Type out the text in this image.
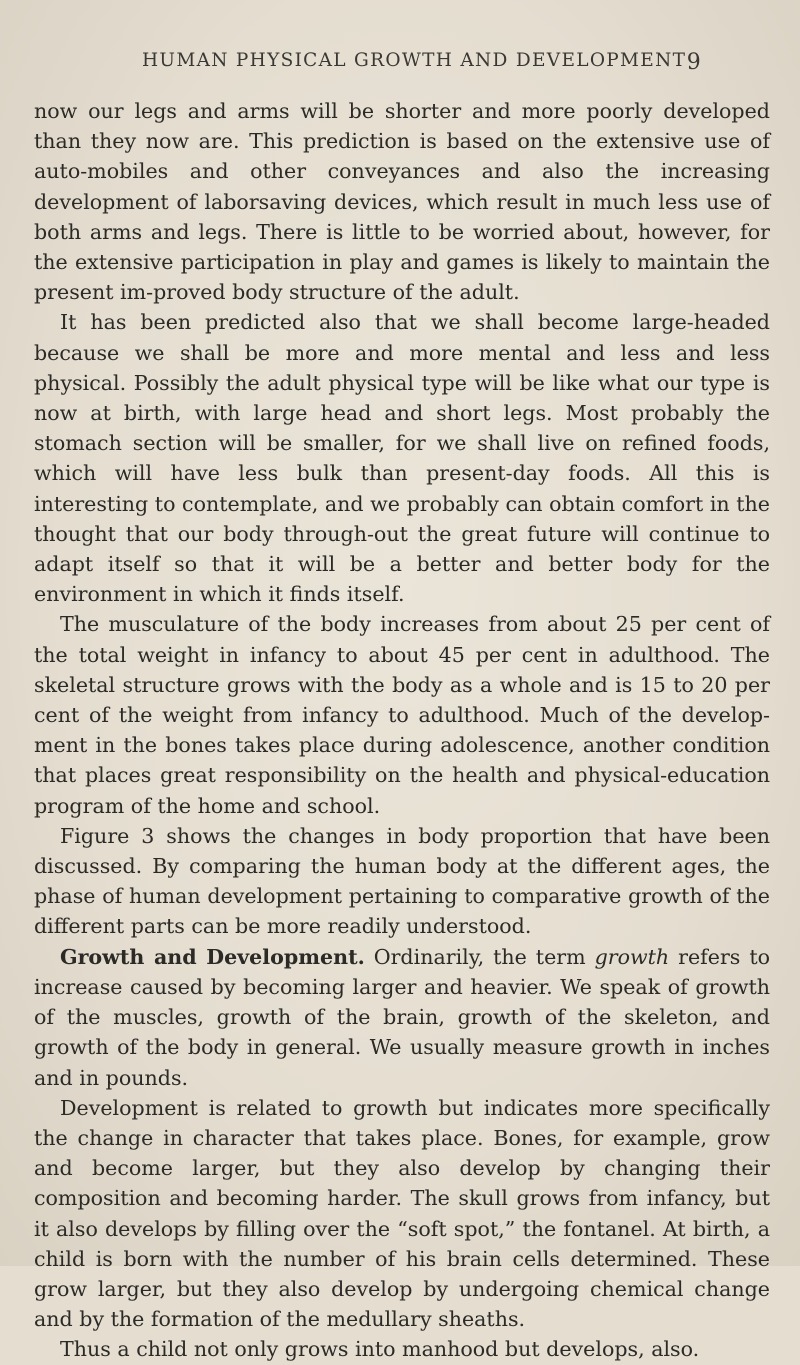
HUMAN PHYSICAL GROWTH AND DEVELOPMENT 9

now our legs and arms will be shorter and more poorly developed than they now are. This prediction is based on the extensive use of auto-mobiles and other conveyances and also the increasing development of laborsaving devices, which result in much less use of both arms and legs. There is little to be worried about, however, for the extensive participation in play and games is likely to maintain the present im-proved body structure of the adult.

It has been predicted also that we shall become large-headed because we shall be more and more mental and less and less physical. Possibly the adult physical type will be like what our type is now at birth, with large head and short legs. Most probably the stomach section will be smaller, for we shall live on refined foods, which will have less bulk than present-day foods. All this is interesting to contemplate, and we probably can obtain comfort in the thought that our body through-out the great future will continue to adapt itself so that it will be a better and better body for the environment in which it finds itself.

The musculature of the body increases from about 25 per cent of the total weight in infancy to about 45 per cent in adulthood. The skeletal structure grows with the body as a whole and is 15 to 20 per cent of the weight from infancy to adulthood. Much of the develop-ment in the bones takes place during adolescence, another condition that places great responsibility on the health and physical-education program of the home and school.

Figure 3 shows the changes in body proportion that have been discussed. By comparing the human body at the different ages, the phase of human development pertaining to comparative growth of the different parts can be more readily understood.

Growth and Development. Ordinarily, the term growth refers to increase caused by becoming larger and heavier. We speak of growth of the muscles, growth of the brain, growth of the skeleton, and growth of the body in general. We usually measure growth in inches and in pounds.

Development is related to growth but indicates more specifically the change in character that takes place. Bones, for example, grow and become larger, but they also develop by changing their composition and becoming harder. The skull grows from infancy, but it also develops by filling over the “soft spot,” the fontanel. At birth, a child is born with the number of his brain cells determined. These grow larger, but they also develop by undergoing chemical change and by the formation of the medullary sheaths.

Thus a child not only grows into manhood but develops, also.
